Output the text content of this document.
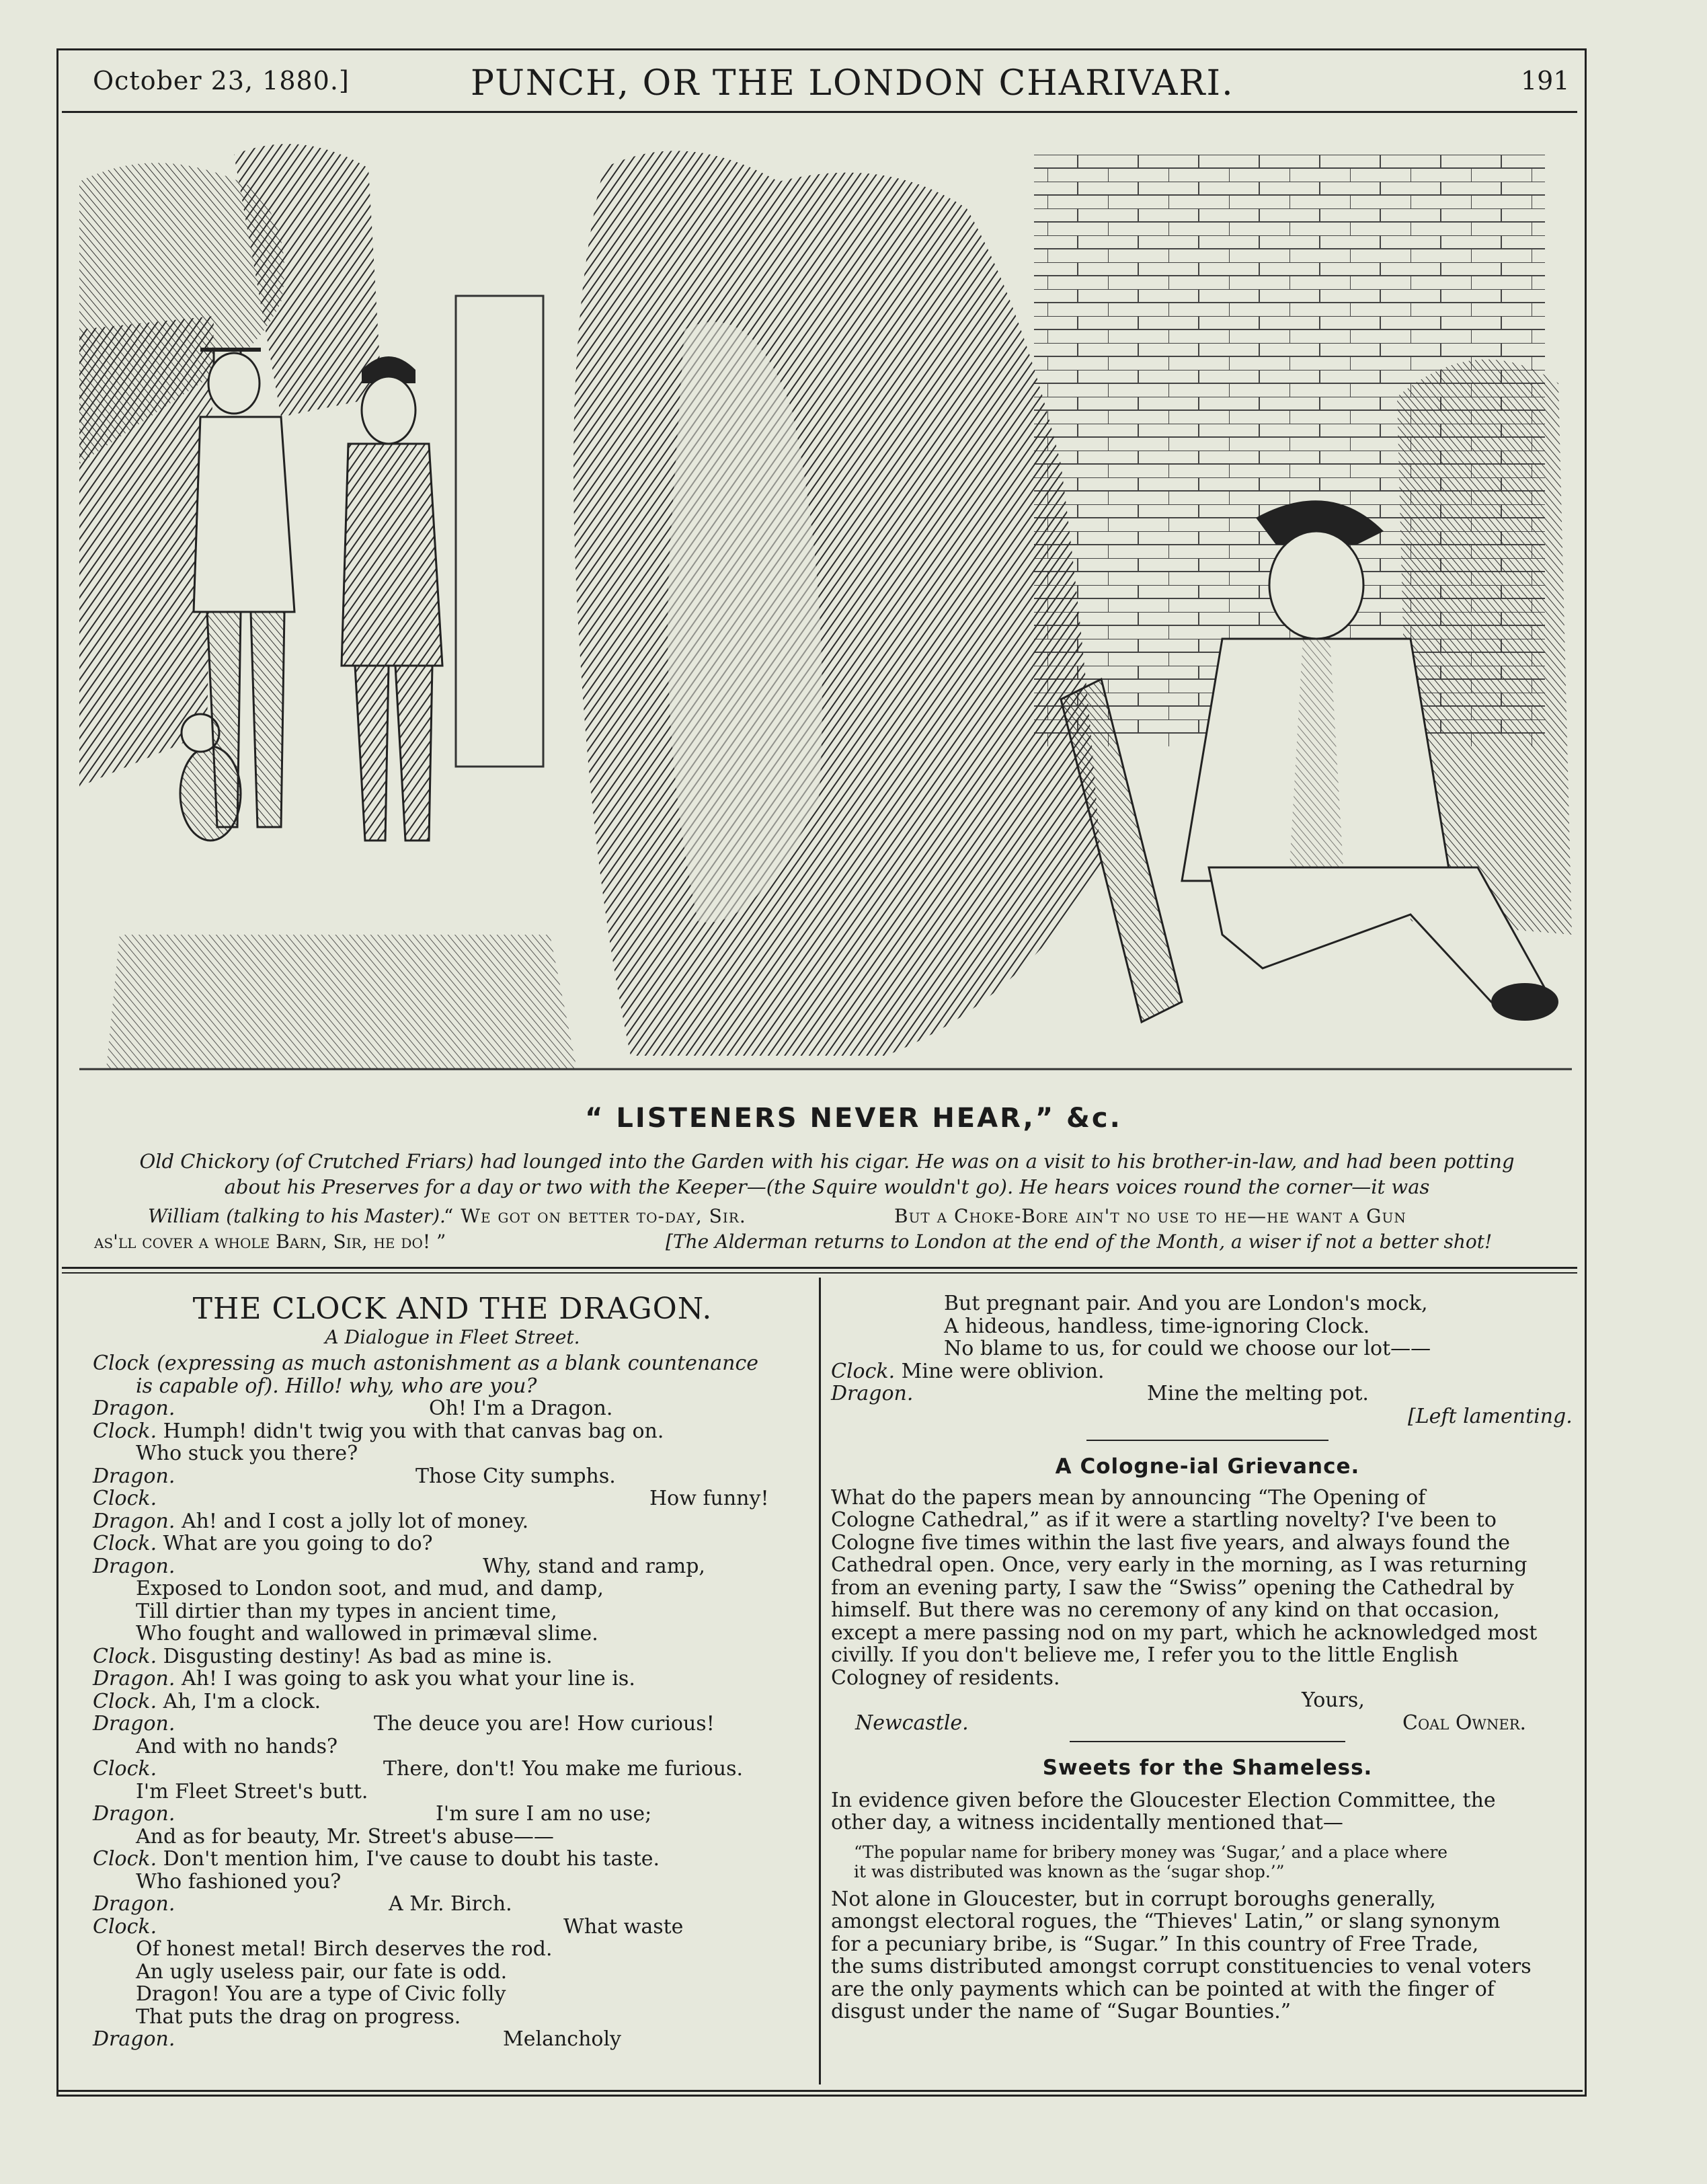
October 23, 1880.]	PUNCH, OR THE LONDON CHARIVARI.	191
“ LISTENERS NEVER HEAR,” &c.
Old Chickory (of Crutched Friars) had lounged into the Garden with his cigar. He was on a visit to his brother-in-law, and had been potting
about his Preserves for a day or two with the Keeper—(the Squire wouldn't go). He hears voices round the corner—it was
William (talking to his Master).
“ We got on better to-day, Sir.	But a Choke-Bore ain't no use to he—he want a Gun
as'll cover a whole Barn, Sir, he do! ”	[The Alderman returns to London at the end of the Month, a wiser if not a better shot!
THE CLOCK AND THE DRAGON.
A Dialogue in Fleet Street.
Clock (expressing as much astonishment as a blank countenance
is capable of). Hillo! why, who are you?
Dragon.	Oh! I'm a Dragon.
Clock. Humph! didn't twig you with that canvas bag on.
Who stuck you there?
Dragon.	Those City sumphs.
Clock.	How funny!
Dragon. Ah! and I cost a jolly lot of money.
Clock. What are you going to do?
Dragon.	Why, stand and ramp,
Exposed to London soot, and mud, and damp,
Till dirtier than my types in ancient time,
Who fought and wallowed in primæval slime.
Clock. Disgusting destiny! As bad as mine is.
Dragon. Ah! I was going to ask you what your line is.
Clock. Ah, I'm a clock.
Dragon.	The deuce you are! How curious!
And with no hands?
Clock.	There, don't! You make me furious.
I'm Fleet Street's butt.
Dragon.	I'm sure I am no use;
And as for beauty, Mr. Street's abuse——
Clock. Don't mention him, I've cause to doubt his taste.
Who fashioned you?
Dragon.	A Mr. Birch.
Clock.	What waste
Of honest metal! Birch deserves the rod.
An ugly useless pair, our fate is odd.
Dragon! You are a type of Civic folly
That puts the drag on progress.
Dragon.	Melancholy
But pregnant pair. And you are London's mock,
A hideous, handless, time-ignoring Clock.
No blame to us, for could we choose our lot——
Clock. Mine were oblivion.
Dragon.	Mine the melting pot.
[Left lamenting.
A Cologne-ial Grievance.
What do the papers mean by announcing “The Opening of
Cologne Cathedral,” as if it were a startling novelty? I've been to
Cologne five times within the last five years, and always found the
Cathedral open. Once, very early in the morning, as I was returning
from an evening party, I saw the “Swiss” opening the Cathedral by
himself. But there was no ceremony of any kind on that occasion,
except a mere passing nod on my part, which he acknowledged most
civilly. If you don't believe me, I refer you to the little English
Cologney of residents.
Yours,
Newcastle.	Coal Owner.
Sweets for the Shameless.
In evidence given before the Gloucester Election Committee, the
other day, a witness incidentally mentioned that—
“The popular name for bribery money was ‘Sugar,’ and a place where
it was distributed was known as the ‘sugar shop.’”
Not alone in Gloucester, but in corrupt boroughs generally,
amongst electoral rogues, the “Thieves' Latin,” or slang synonym
for a pecuniary bribe, is “Sugar.” In this country of Free Trade,
the sums distributed amongst corrupt constituencies to venal voters
are the only payments which can be pointed at with the finger of
disgust under the name of “Sugar Bounties.”
